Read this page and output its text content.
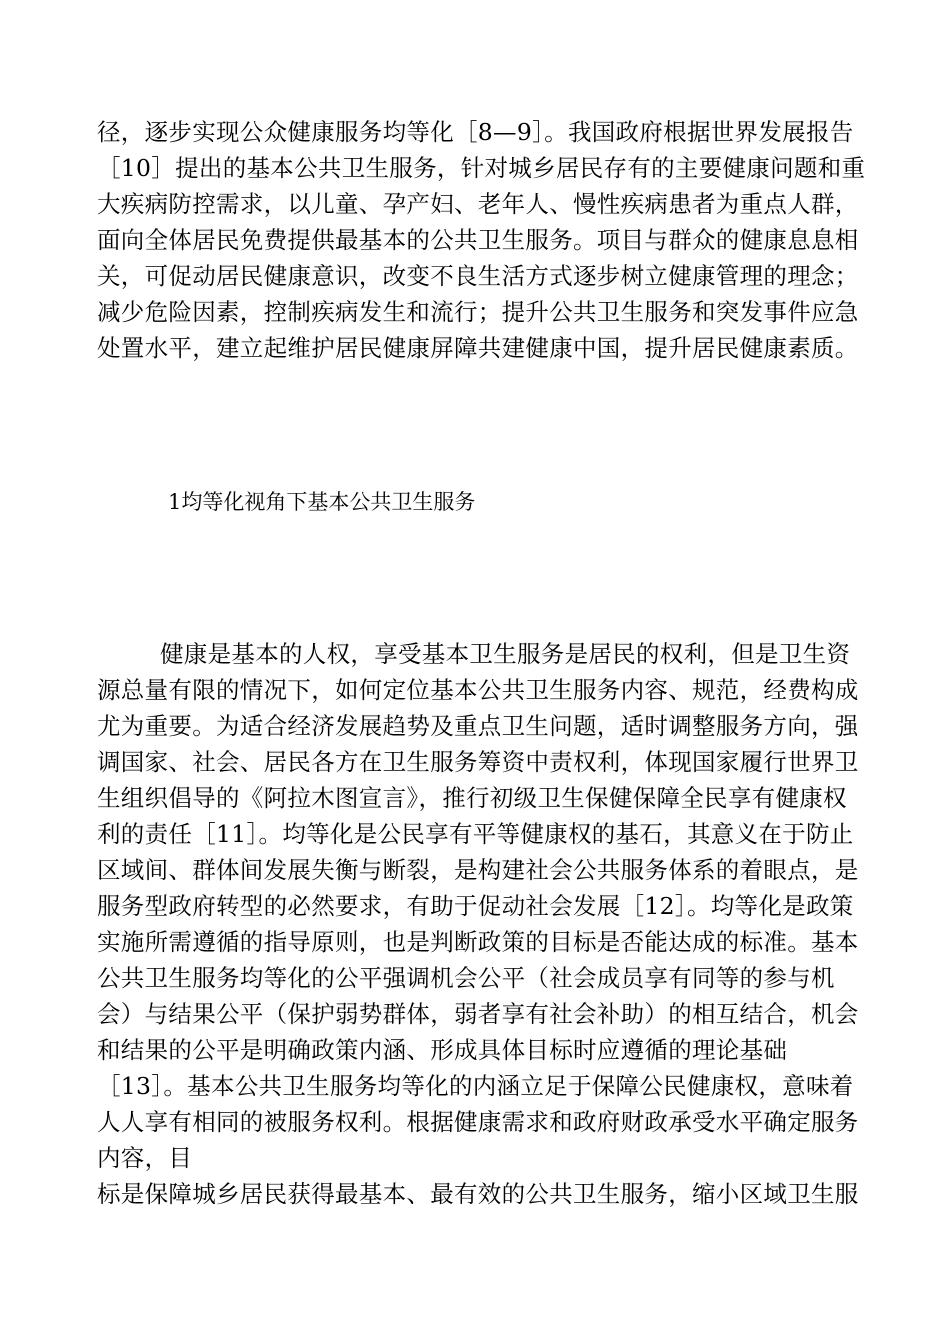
径，逐步实现公众健康服务均等化［8—9］。我国政府根据世界发展报告
［10］提出的基本公共卫生服务，针对城乡居民存有的主要健康问题和重
大疾病防控需求，以儿童、孕产妇、老年人、慢性疾病患者为重点人群，
面向全体居民免费提供最基本的公共卫生服务。项目与群众的健康息息相
关，可促动居民健康意识，改变不良生活方式逐步树立健康管理的理念；
减少危险因素，控制疾病发生和流行；提升公共卫生服务和突发事件应急
处置水平，建立起维护居民健康屏障共建健康中国，提升居民健康素质。
1均等化视角下基本公共卫生服务
健康是基本的人权，享受基本卫生服务是居民的权利，但是卫生资
源总量有限的情况下，如何定位基本公共卫生服务内容、规范，经费构成
尤为重要。为适合经济发展趋势及重点卫生问题，适时调整服务方向，强
调国家、社会、居民各方在卫生服务筹资中责权利，体现国家履行世界卫
生组织倡导的《阿拉木图宣言》，推行初级卫生保健保障全民享有健康权
利的责任［11］。均等化是公民享有平等健康权的基石，其意义在于防止
区域间、群体间发展失衡与断裂，是构建社会公共服务体系的着眼点，是
服务型政府转型的必然要求，有助于促动社会发展［12］。均等化是政策
实施所需遵循的指导原则，也是判断政策的目标是否能达成的标准。基本
公共卫生服务均等化的公平强调机会公平（社会成员享有同等的参与机
会）与结果公平（保护弱势群体，弱者享有社会补助）的相互结合，机会
和结果的公平是明确政策内涵、形成具体目标时应遵循的理论基础
［13］。基本公共卫生服务均等化的内涵立足于保障公民健康权，意味着
人人享有相同的被服务权利。根据健康需求和政府财政承受水平确定服务
内容，目
标是保障城乡居民获得最基本、最有效的公共卫生服务，缩小区域卫生服
